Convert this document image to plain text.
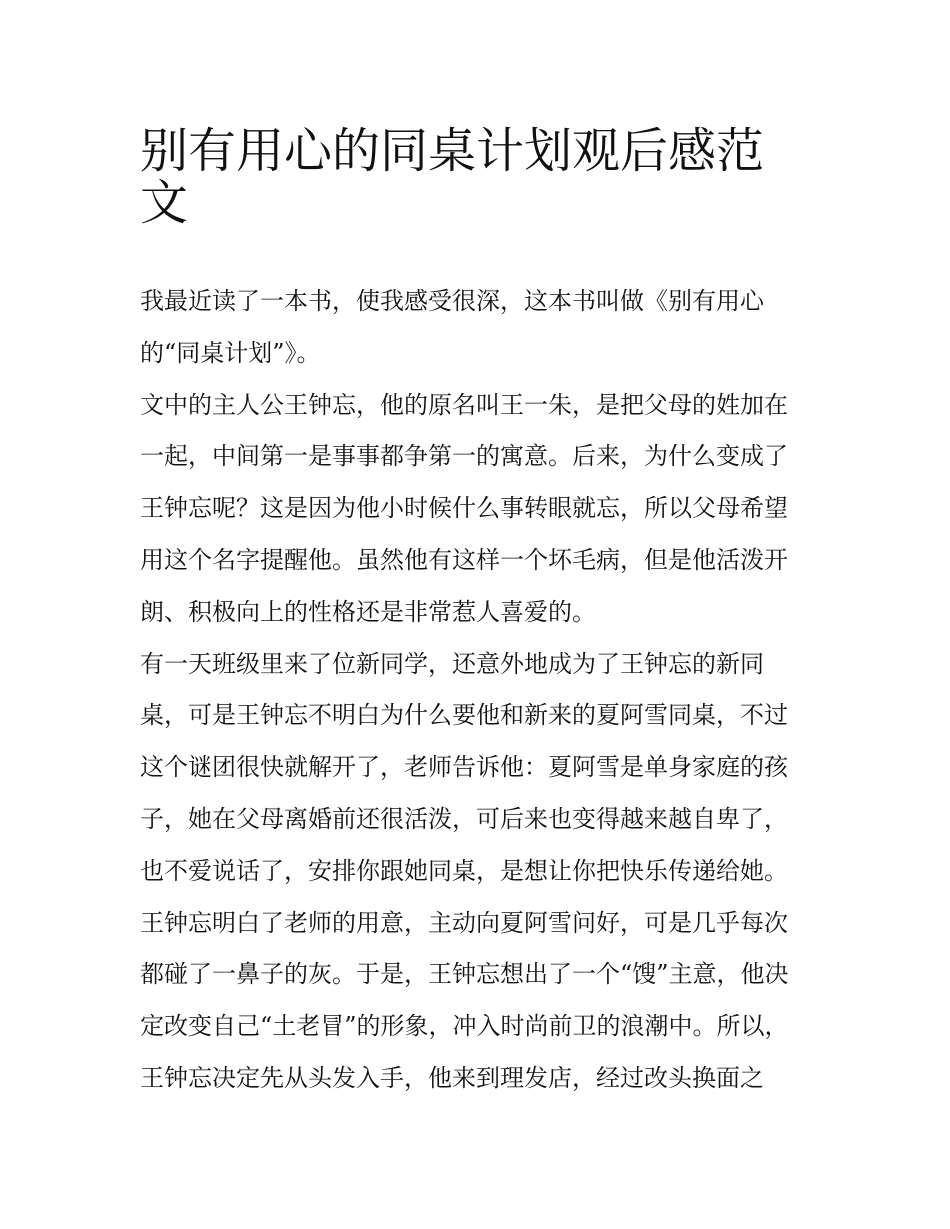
别有用心的同桌计划观后感范
文
我最近读了一本书，使我感受很深，这本书叫做《别有用心
的“同桌计划”》。
文中的主人公王钟忘，他的原名叫王一朱，是把父母的姓加在
一起，中间第一是事事都争第一的寓意。后来，为什么变成了
王钟忘呢？这是因为他小时候什么事转眼就忘，所以父母希望
用这个名字提醒他。虽然他有这样一个坏毛病，但是他活泼开
朗、积极向上的性格还是非常惹人喜爱的。
有一天班级里来了位新同学，还意外地成为了王钟忘的新同
桌，可是王钟忘不明白为什么要他和新来的夏阿雪同桌，不过
这个谜团很快就解开了，老师告诉他：夏阿雪是单身家庭的孩
子，她在父母离婚前还很活泼，可后来也变得越来越自卑了，
也不爱说话了，安排你跟她同桌，是想让你把快乐传递给她。
王钟忘明白了老师的用意，主动向夏阿雪问好，可是几乎每次
都碰了一鼻子的灰。于是，王钟忘想出了一个“馊”主意，他决
定改变自己“土老冒”的形象，冲入时尚前卫的浪潮中。所以，
王钟忘决定先从头发入手，他来到理发店，经过改头换面之
